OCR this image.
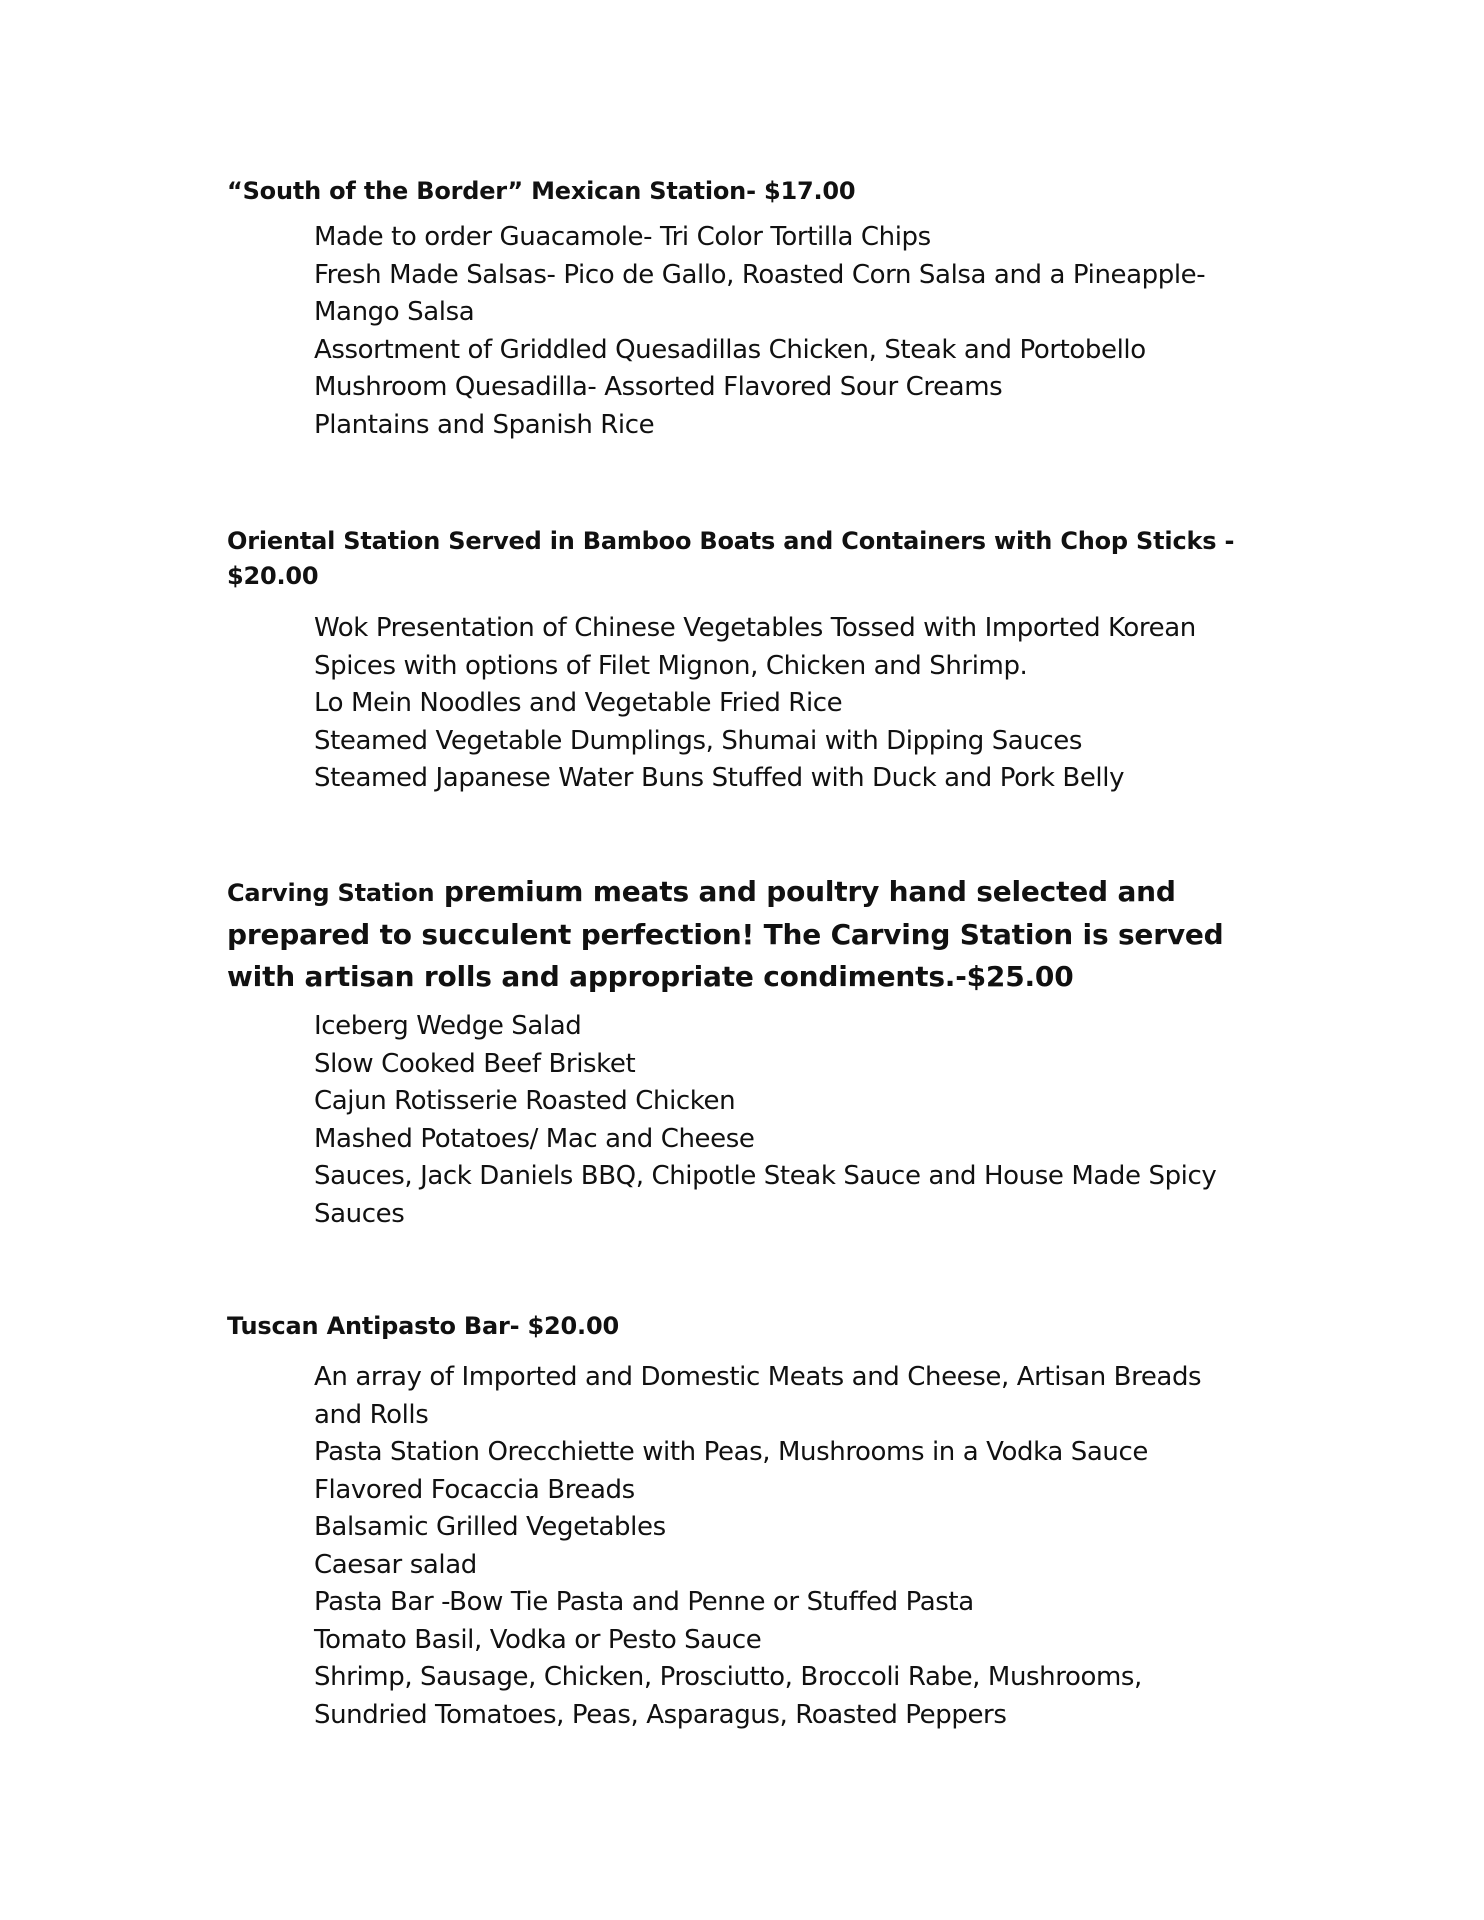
“South of the Border” Mexican Station- $17.00
Made to order Guacamole- Tri Color Tortilla Chips
Fresh Made Salsas- Pico de Gallo, Roasted Corn Salsa and a Pineapple-
Mango Salsa
Assortment of Griddled Quesadillas Chicken, Steak and Portobello
Mushroom Quesadilla- Assorted Flavored Sour Creams
Plantains and Spanish Rice
Oriental Station Served in Bamboo Boats and Containers with Chop Sticks - $20.00
Wok Presentation of Chinese Vegetables Tossed with Imported Korean
Spices with options of Filet Mignon, Chicken and Shrimp.
Lo Mein Noodles and Vegetable Fried Rice
Steamed Vegetable Dumplings, Shumai with Dipping Sauces
Steamed Japanese Water Buns Stuffed with Duck and Pork Belly
Carving Station premium meats and poultry hand selected and prepared to succulent perfection! The Carving Station is served with artisan rolls and appropriate condiments.-$25.00
Iceberg Wedge Salad
Slow Cooked Beef Brisket
Cajun Rotisserie Roasted Chicken
Mashed Potatoes/ Mac and Cheese
Sauces, Jack Daniels BBQ, Chipotle Steak Sauce and House Made Spicy
Sauces
Tuscan Antipasto Bar- $20.00
An array of Imported and Domestic Meats and Cheese, Artisan Breads
and Rolls
Pasta Station Orecchiette with Peas, Mushrooms in a Vodka Sauce
Flavored Focaccia Breads
Balsamic Grilled Vegetables
Caesar salad
Pasta Bar -Bow Tie Pasta and Penne or Stuffed Pasta
Tomato Basil, Vodka or Pesto Sauce
Shrimp, Sausage, Chicken, Prosciutto, Broccoli Rabe, Mushrooms,
Sundried Tomatoes, Peas, Asparagus, Roasted Peppers
